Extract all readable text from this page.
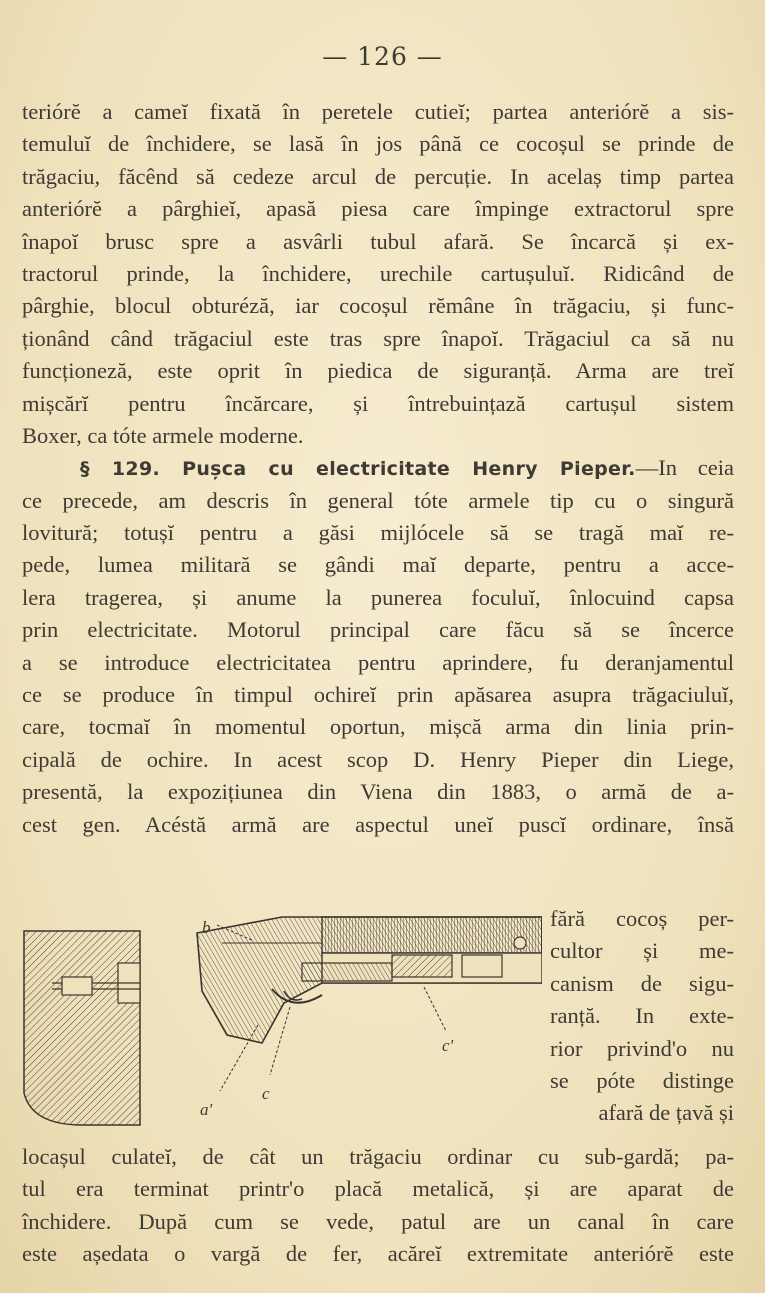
— 126 —
teriórĕ a cameĭ fixată în peretele cutieĭ; partea anteriórĕ a sis-
temuluĭ de închidere, se lasă în jos până ce cocoșul se prinde de
trăgaciu, făcênd să cedeze arcul de percuție. In acelaș timp partea
anteriórĕ a pârghieĭ, apasă piesa care împinge extractorul spre
înapoĭ brusc spre a asvârli tubul afară. Se încarcă și ex-
tractorul prinde, la închidere, urechile cartușuluĭ. Ridicând de
pârghie, blocul obturéză, iar cocoșul rĕmâne în trăgaciu, și func-
ționând când trăgaciul este tras spre înapoĭ. Trăgaciul ca să nu
funcționeză, este oprit în piedica de siguranță. Arma are treĭ
mișcărĭ pentru încărcare, și întrebuințază cartușul sistem
Boxer, ca tóte armele moderne.
§ 129. Pușca cu electricitate Henry Pieper.—In ceia
ce precede, am descris în general tóte armele tip cu o singură
lovitură; totușĭ pentru a găsi mijlócele să se tragă maĭ re-
pede, lumea militară se gândi maĭ departe, pentru a acce-
lera tragerea, și anume la punerea foculuĭ, înlocuind capsa
prin electricitate. Motorul principal care făcu să se încerce
a se introduce electricitatea pentru aprindere, fu deranjamentul
ce se produce în timpul ochireĭ prin apăsarea asupra trăgaciuluĭ,
care, tocmaĭ în momentul oportun, mișcă arma din linia prin-
cipală de ochire. In acest scop D. Henry Pieper din Liege,
presentă, la expozițiunea din Viena din 1883, o armă de a-
cest gen. Acéstă armă are aspectul uneĭ puscĭ ordinare, însă
b
c'
c
a'
fără cocoș per-
cultor și me-
canism de sigu-
ranță. In exte-
rior privind'o nu
se póte distinge
afară de țavă și
locașul culateĭ, de cât un trăgaciu ordinar cu sub-gardă; pa-
tul era terminat printr'o placă metalică, și are aparat de
închidere. După cum se vede, patul are un canal în care
este aședata o vargă de fer, acăreĭ extremitate anteriórĕ este
